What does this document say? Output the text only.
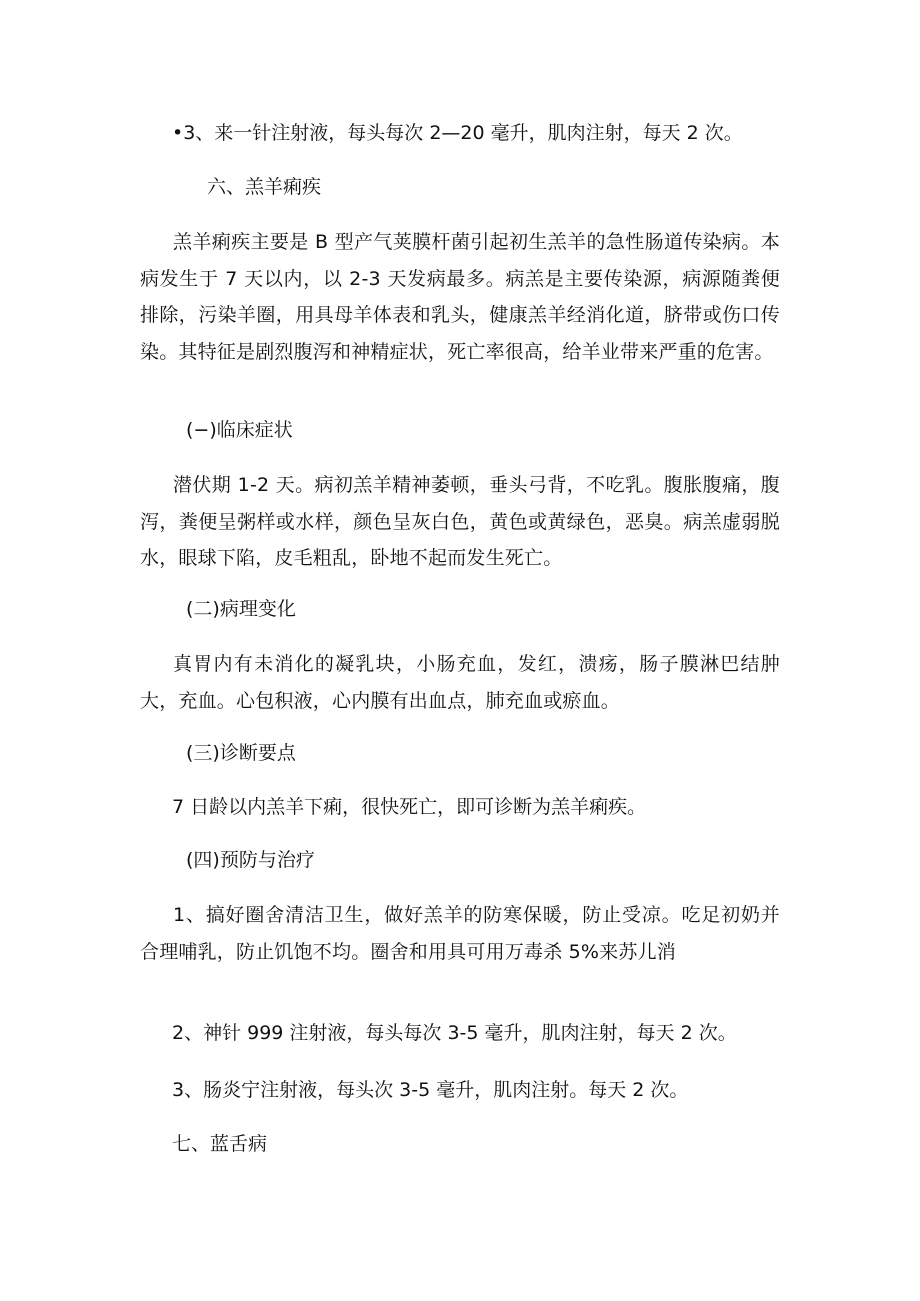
•3、来一针注射液，每头每次 2—20 毫升，肌肉注射，每天 2 次。

六、羔羊痢疾

羔羊痢疾主要是 B 型产气荚膜杆菌引起初生羔羊的急性肠道传染病。本病发生于 7 天以内，以 2-3 天发病最多。病羔是主要传染源，病源随粪便排除，污染羊圈，用具母羊体表和乳头，健康羔羊经消化道，脐带或伤口传染。其特征是剧烈腹泻和神精症状，死亡率很高，给羊业带来严重的危害。

(−)临床症状

潜伏期 1-2 天。病初羔羊精神萎顿，垂头弓背，不吃乳。腹胀腹痛，腹泻，粪便呈粥样或水样，颜色呈灰白色，黄色或黄绿色，恶臭。病羔虚弱脱水，眼球下陷，皮毛粗乱，卧地不起而发生死亡。

(二)病理变化

真胃内有未消化的凝乳块，小肠充血，发红，溃疡，肠子膜淋巴结肿大，充血。心包积液，心内膜有出血点，肺充血或瘀血。

(三)诊断要点

7 日龄以内羔羊下痢，很快死亡，即可诊断为羔羊痢疾。

(四)预防与治疗

1、搞好圈舍清洁卫生，做好羔羊的防寒保暖，防止受凉。吃足初奶并合理哺乳，防止饥饱不均。圈舍和用具可用万毒杀 5%来苏儿消

2、神针 999 注射液，每头每次 3-5 毫升，肌肉注射，每天 2 次。

3、肠炎宁注射液，每头次 3-5 毫升，肌肉注射。每天 2 次。

七、蓝舌病
